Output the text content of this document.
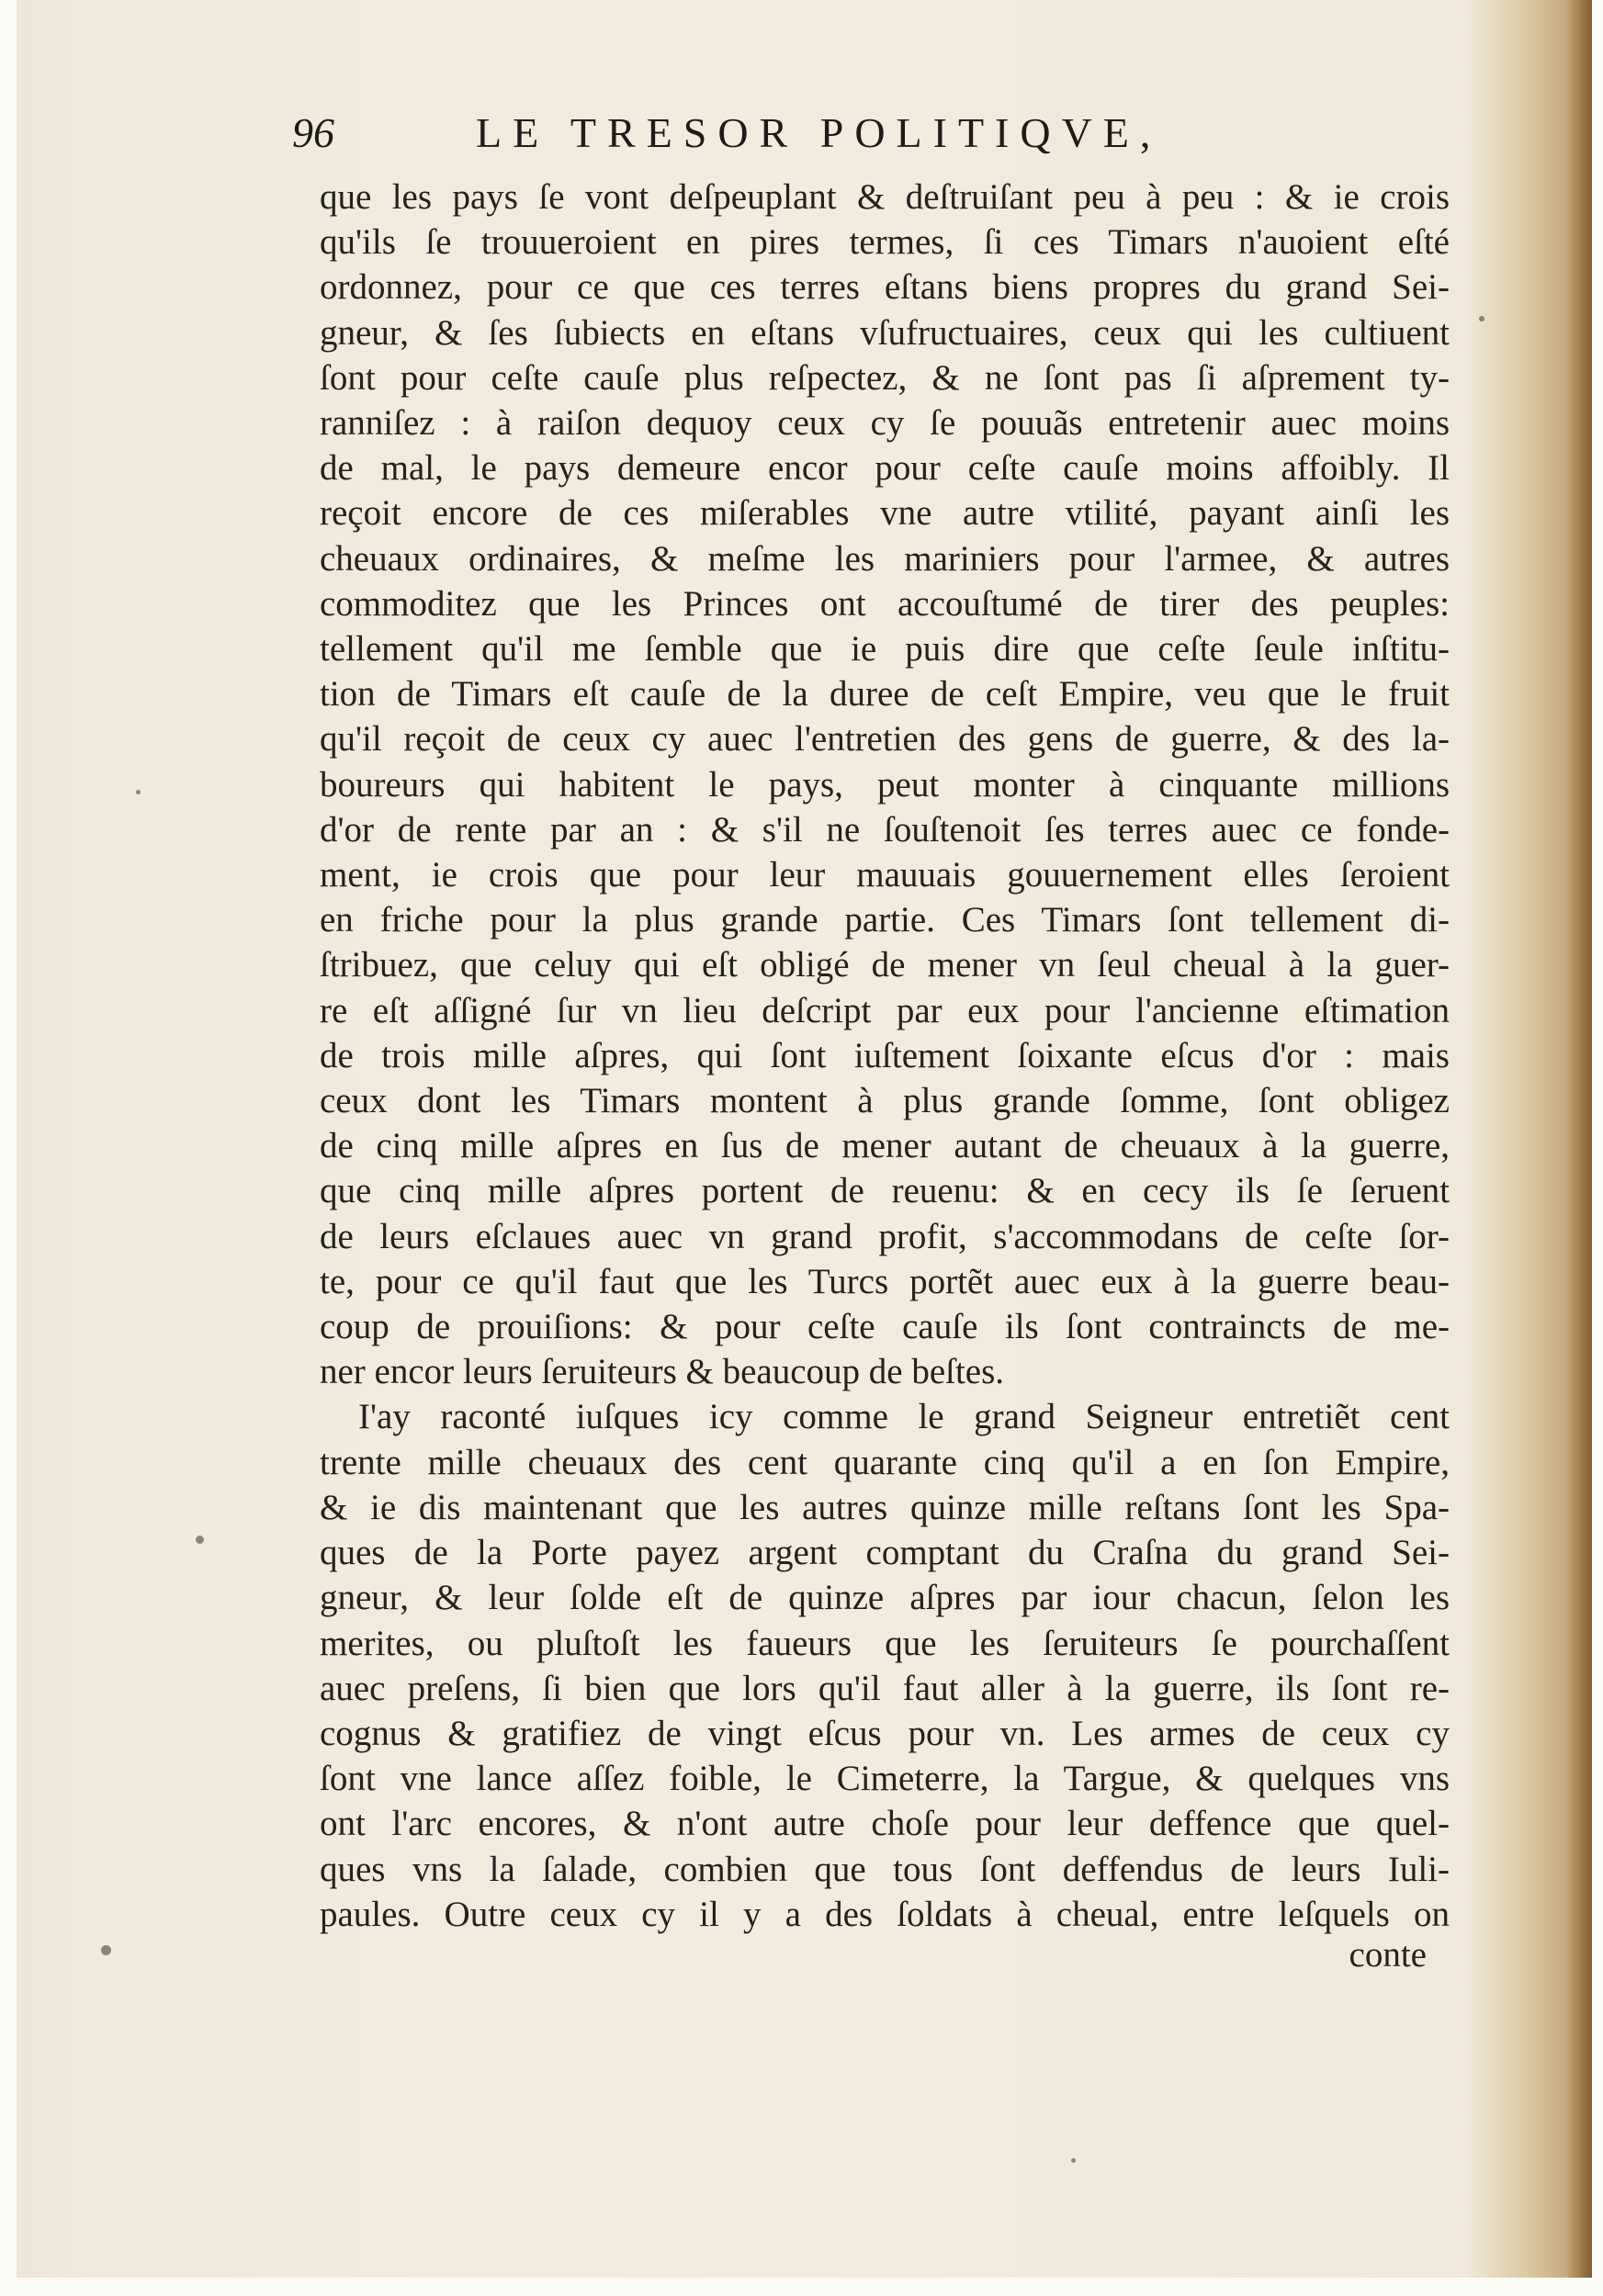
96	LE TRESOR POLITIQVE,
que les pays ſe vont deſpeuplant & deſtruiſant peu à peu : & ie crois
qu'ils ſe trouueroient en pires termes, ſi ces Timars n'auoient eſté
ordonnez, pour ce que ces terres eſtans biens propres du grand Sei-
gneur, & ſes ſubiects en eſtans vſufructuaires, ceux qui les cultiuent
ſont pour ceſte cauſe plus reſpectez, & ne ſont pas ſi aſprement ty-
ranniſez : à raiſon dequoy ceux cy ſe pouuãs entretenir auec moins
de mal, le pays demeure encor pour ceſte cauſe moins affoibly. Il
reçoit encore de ces miſerables vne autre vtilité, payant ainſi les
cheuaux ordinaires, & meſme les mariniers pour l'armee, & autres
commoditez que les Princes ont accouſtumé de tirer des peuples:
tellement qu'il me ſemble que ie puis dire que ceſte ſeule inſtitu-
tion de Timars eſt cauſe de la duree de ceſt Empire, veu que le fruit
qu'il reçoit de ceux cy auec l'entretien des gens de guerre, & des la-
boureurs qui habitent le pays, peut monter à cinquante millions
d'or de rente par an : & s'il ne ſouſtenoit ſes terres auec ce fonde-
ment, ie crois que pour leur mauuais gouuernement elles ſeroient
en friche pour la plus grande partie. Ces Timars ſont tellement di-
ſtribuez, que celuy qui eſt obligé de mener vn ſeul cheual à la guer-
re eſt aſſigné ſur vn lieu deſcript par eux pour l'ancienne eſtimation
de trois mille aſpres, qui ſont iuſtement ſoixante eſcus d'or : mais
ceux dont les Timars montent à plus grande ſomme, ſont obligez
de cinq mille aſpres en ſus de mener autant de cheuaux à la guerre,
que cinq mille aſpres portent de reuenu: & en cecy ils ſe ſeruent
de leurs eſclaues auec vn grand profit, s'accommodans de ceſte ſor-
te, pour ce qu'il faut que les Turcs portẽt auec eux à la guerre beau-
coup de prouiſions: & pour ceſte cauſe ils ſont contraincts de me-
ner encor leurs ſeruiteurs & beaucoup de beſtes.
I'ay raconté iuſques icy comme le grand Seigneur entretiẽt cent
trente mille cheuaux des cent quarante cinq qu'il a en ſon Empire,
& ie dis maintenant que les autres quinze mille reſtans ſont les Spa-
ques de la Porte payez argent comptant du Craſna du grand Sei-
gneur, & leur ſolde eſt de quinze aſpres par iour chacun, ſelon les
merites, ou pluſtoſt les faueurs que les ſeruiteurs ſe pourchaſſent
auec preſens, ſi bien que lors qu'il faut aller à la guerre, ils ſont re-
cognus & gratifiez de vingt eſcus pour vn. Les armes de ceux cy
ſont vne lance aſſez foible, le Cimeterre, la Targue, & quelques vns
ont l'arc encores, & n'ont autre choſe pour leur deffence que quel-
ques vns la ſalade, combien que tous ſont deffendus de leurs Iuli-
paules. Outre ceux cy il y a des ſoldats à cheual, entre leſquels on
conte
